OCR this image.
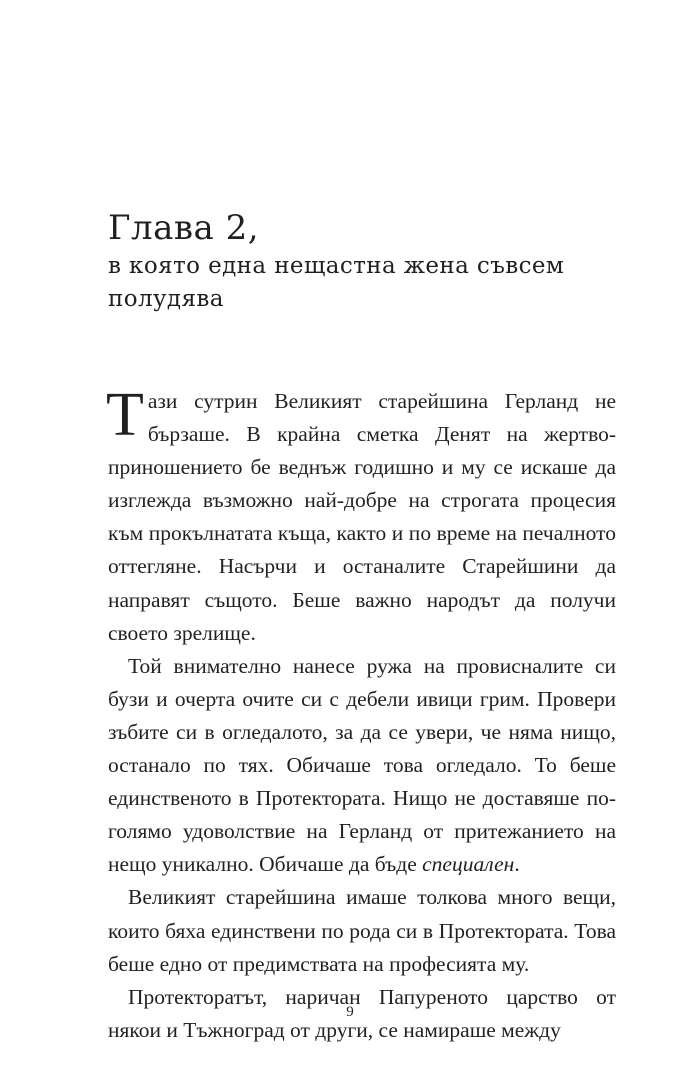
Глава 2,
в която една нещастна жена съвсем полудява

Тази сутрин Великият старейшина Герланд не бързаше. В крайна сметка Денят на жертвоприношението бе веднъж годишно и му се искаше да изглежда възможно най-добре на строгата процесия към прокълнатата къща, както и по време на печалното оттегляне. Насърчи и останалите Старейшини да направят същото. Беше важно народът да получи своето зрелище.

Той внимателно нанесе ружа на провисналите си бузи и очерта очите си с дебели ивици грим. Провери зъбите си в огледалото, за да се увери, че няма нищо, останало по тях. Обичаше това огледало. То беше единственото в Протектората. Нищо не доставяше по-голямо удоволствие на Герланд от притежанието на нещо уникално. Обичаше да бъде специален.

Великият старейшина имаше толкова много вещи, които бяха единствени по рода си в Протектората. Това беше едно от предимствата на професията му.

Протекторатът, наричан Папуреното царство от някои и Тъжноград от други, се намираше между

9
